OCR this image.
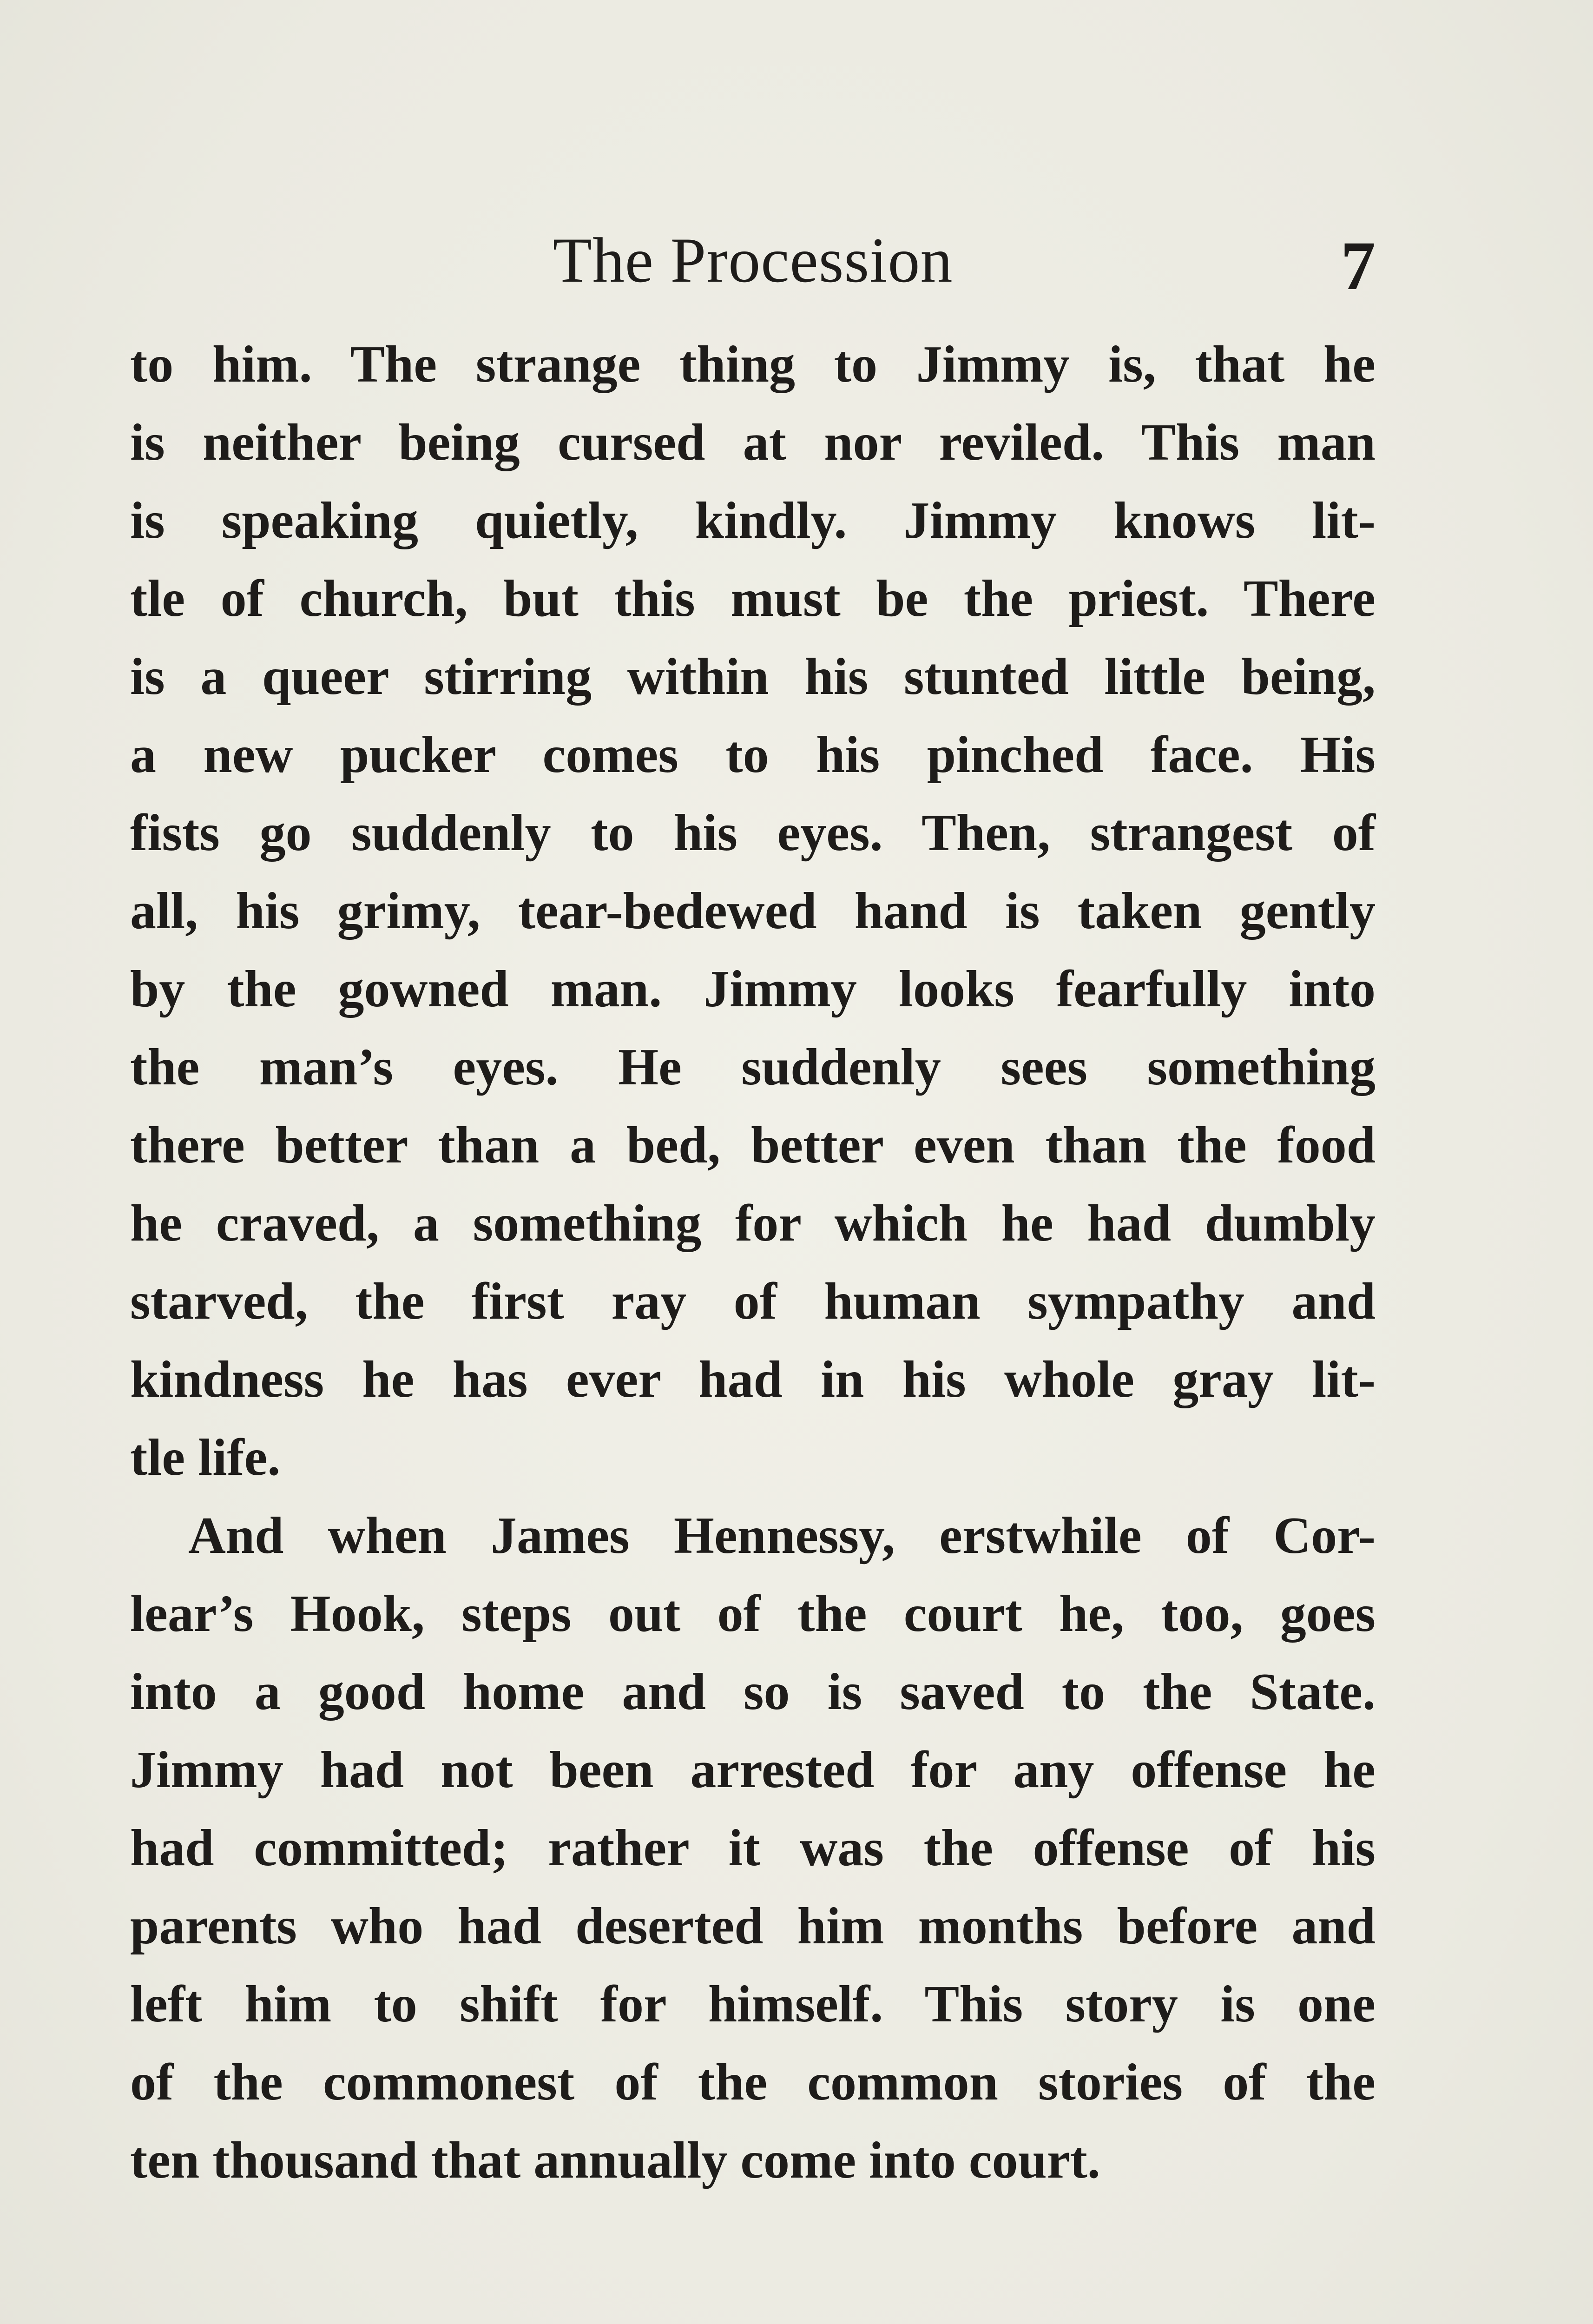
The Procession	7
to him. The strange thing to Jimmy is, that he
is neither being cursed at nor reviled. This man
is speaking quietly, kindly. Jimmy knows lit-
tle of church, but this must be the priest. There
is a queer stirring within his stunted little being,
a new pucker comes to his pinched face. His
fists go suddenly to his eyes. Then, strangest of
all, his grimy, tear-bedewed hand is taken gently
by the gowned man. Jimmy looks fearfully into
the man’s eyes. He suddenly sees something
there better than a bed, better even than the food
he craved, a something for which he had dumbly
starved, the first ray of human sympathy and
kindness he has ever had in his whole gray lit-
tle life.
And when James Hennessy, erstwhile of Cor-
lear’s Hook, steps out of the court he, too, goes
into a good home and so is saved to the State.
Jimmy had not been arrested for any offense he
had committed; rather it was the offense of his
parents who had deserted him months before and
left him to shift for himself. This story is one
of the commonest of the common stories of the
ten thousand that annually come into court.
